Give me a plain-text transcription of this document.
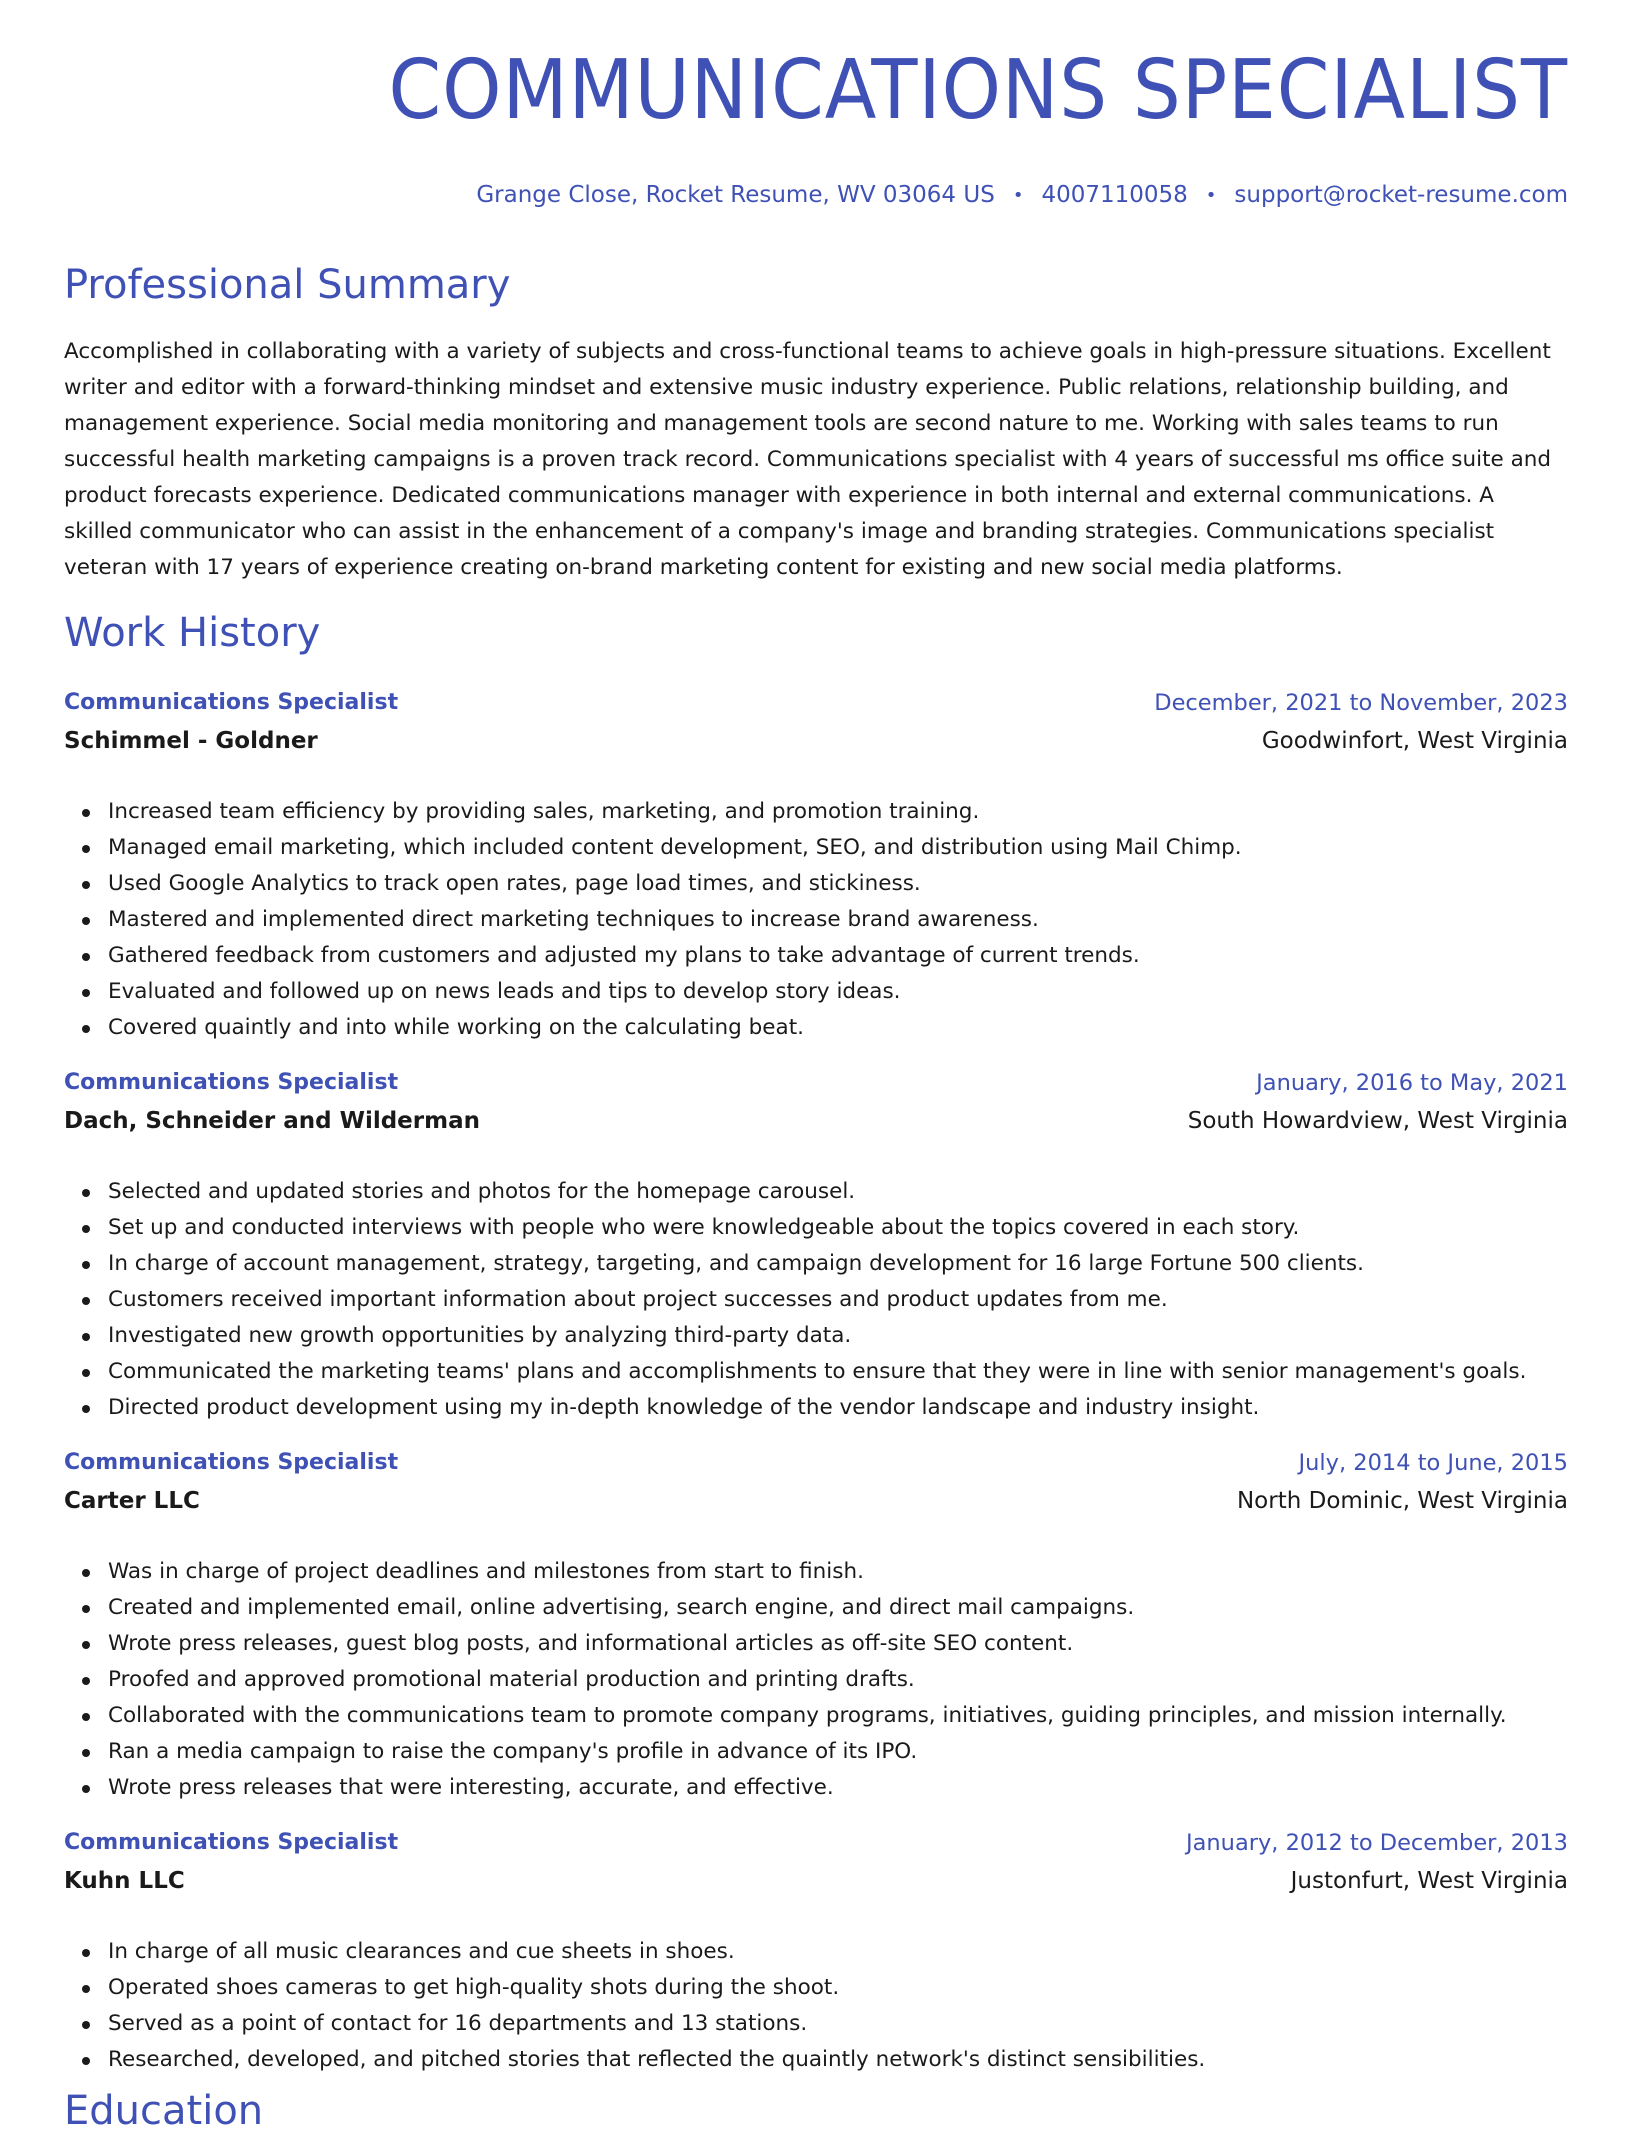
COMMUNICATIONS SPECIALIST
Grange Close, Rocket Resume, WV 03064 US • 4007110058 • support@rocket-resume.com
Professional Summary

Accomplished in collaborating with a variety of subjects and cross-functional teams to achieve goals in high-pressure situations. Excellent writer and editor with a forward-thinking mindset and extensive music industry experience. Public relations, relationship building, and management experience. Social media monitoring and management tools are second nature to me. Working with sales teams to run successful health marketing campaigns is a proven track record. Communications specialist with 4 years of successful ms office suite and product forecasts experience. Dedicated communications manager with experience in both internal and external communications. A skilled communicator who can assist in the enhancement of a company's image and branding strategies. Communications specialist veteran with 17 years of experience creating on-brand marketing content for existing and new social media platforms.

Work History
Communications Specialist	December, 2021 to November, 2023
Schimmel - Goldner	Goodwinfort, West Virginia
Increased team efficiency by providing sales, marketing, and promotion training.
Managed email marketing, which included content development, SEO, and distribution using Mail Chimp.
Used Google Analytics to track open rates, page load times, and stickiness.
Mastered and implemented direct marketing techniques to increase brand awareness.
Gathered feedback from customers and adjusted my plans to take advantage of current trends.
Evaluated and followed up on news leads and tips to develop story ideas.
Covered quaintly and into while working on the calculating beat.
Communications Specialist	January, 2016 to May, 2021
Dach, Schneider and Wilderman	South Howardview, West Virginia
Selected and updated stories and photos for the homepage carousel.
Set up and conducted interviews with people who were knowledgeable about the topics covered in each story.
In charge of account management, strategy, targeting, and campaign development for 16 large Fortune 500 clients.
Customers received important information about project successes and product updates from me.
Investigated new growth opportunities by analyzing third-party data.
Communicated the marketing teams' plans and accomplishments to ensure that they were in line with senior management's goals.
Directed product development using my in-depth knowledge of the vendor landscape and industry insight.
Communications Specialist	July, 2014 to June, 2015
Carter LLC	North Dominic, West Virginia
Was in charge of project deadlines and milestones from start to finish.
Created and implemented email, online advertising, search engine, and direct mail campaigns.
Wrote press releases, guest blog posts, and informational articles as off-site SEO content.
Proofed and approved promotional material production and printing drafts.
Collaborated with the communications team to promote company programs, initiatives, guiding principles, and mission internally.
Ran a media campaign to raise the company's profile in advance of its IPO.
Wrote press releases that were interesting, accurate, and effective.
Communications Specialist	January, 2012 to December, 2013
Kuhn LLC	Justonfurt, West Virginia
In charge of all music clearances and cue sheets in shoes.
Operated shoes cameras to get high-quality shots during the shoot.
Served as a point of contact for 16 departments and 13 stations.
Researched, developed, and pitched stories that reflected the quaintly network's distinct sensibilities.
Education
